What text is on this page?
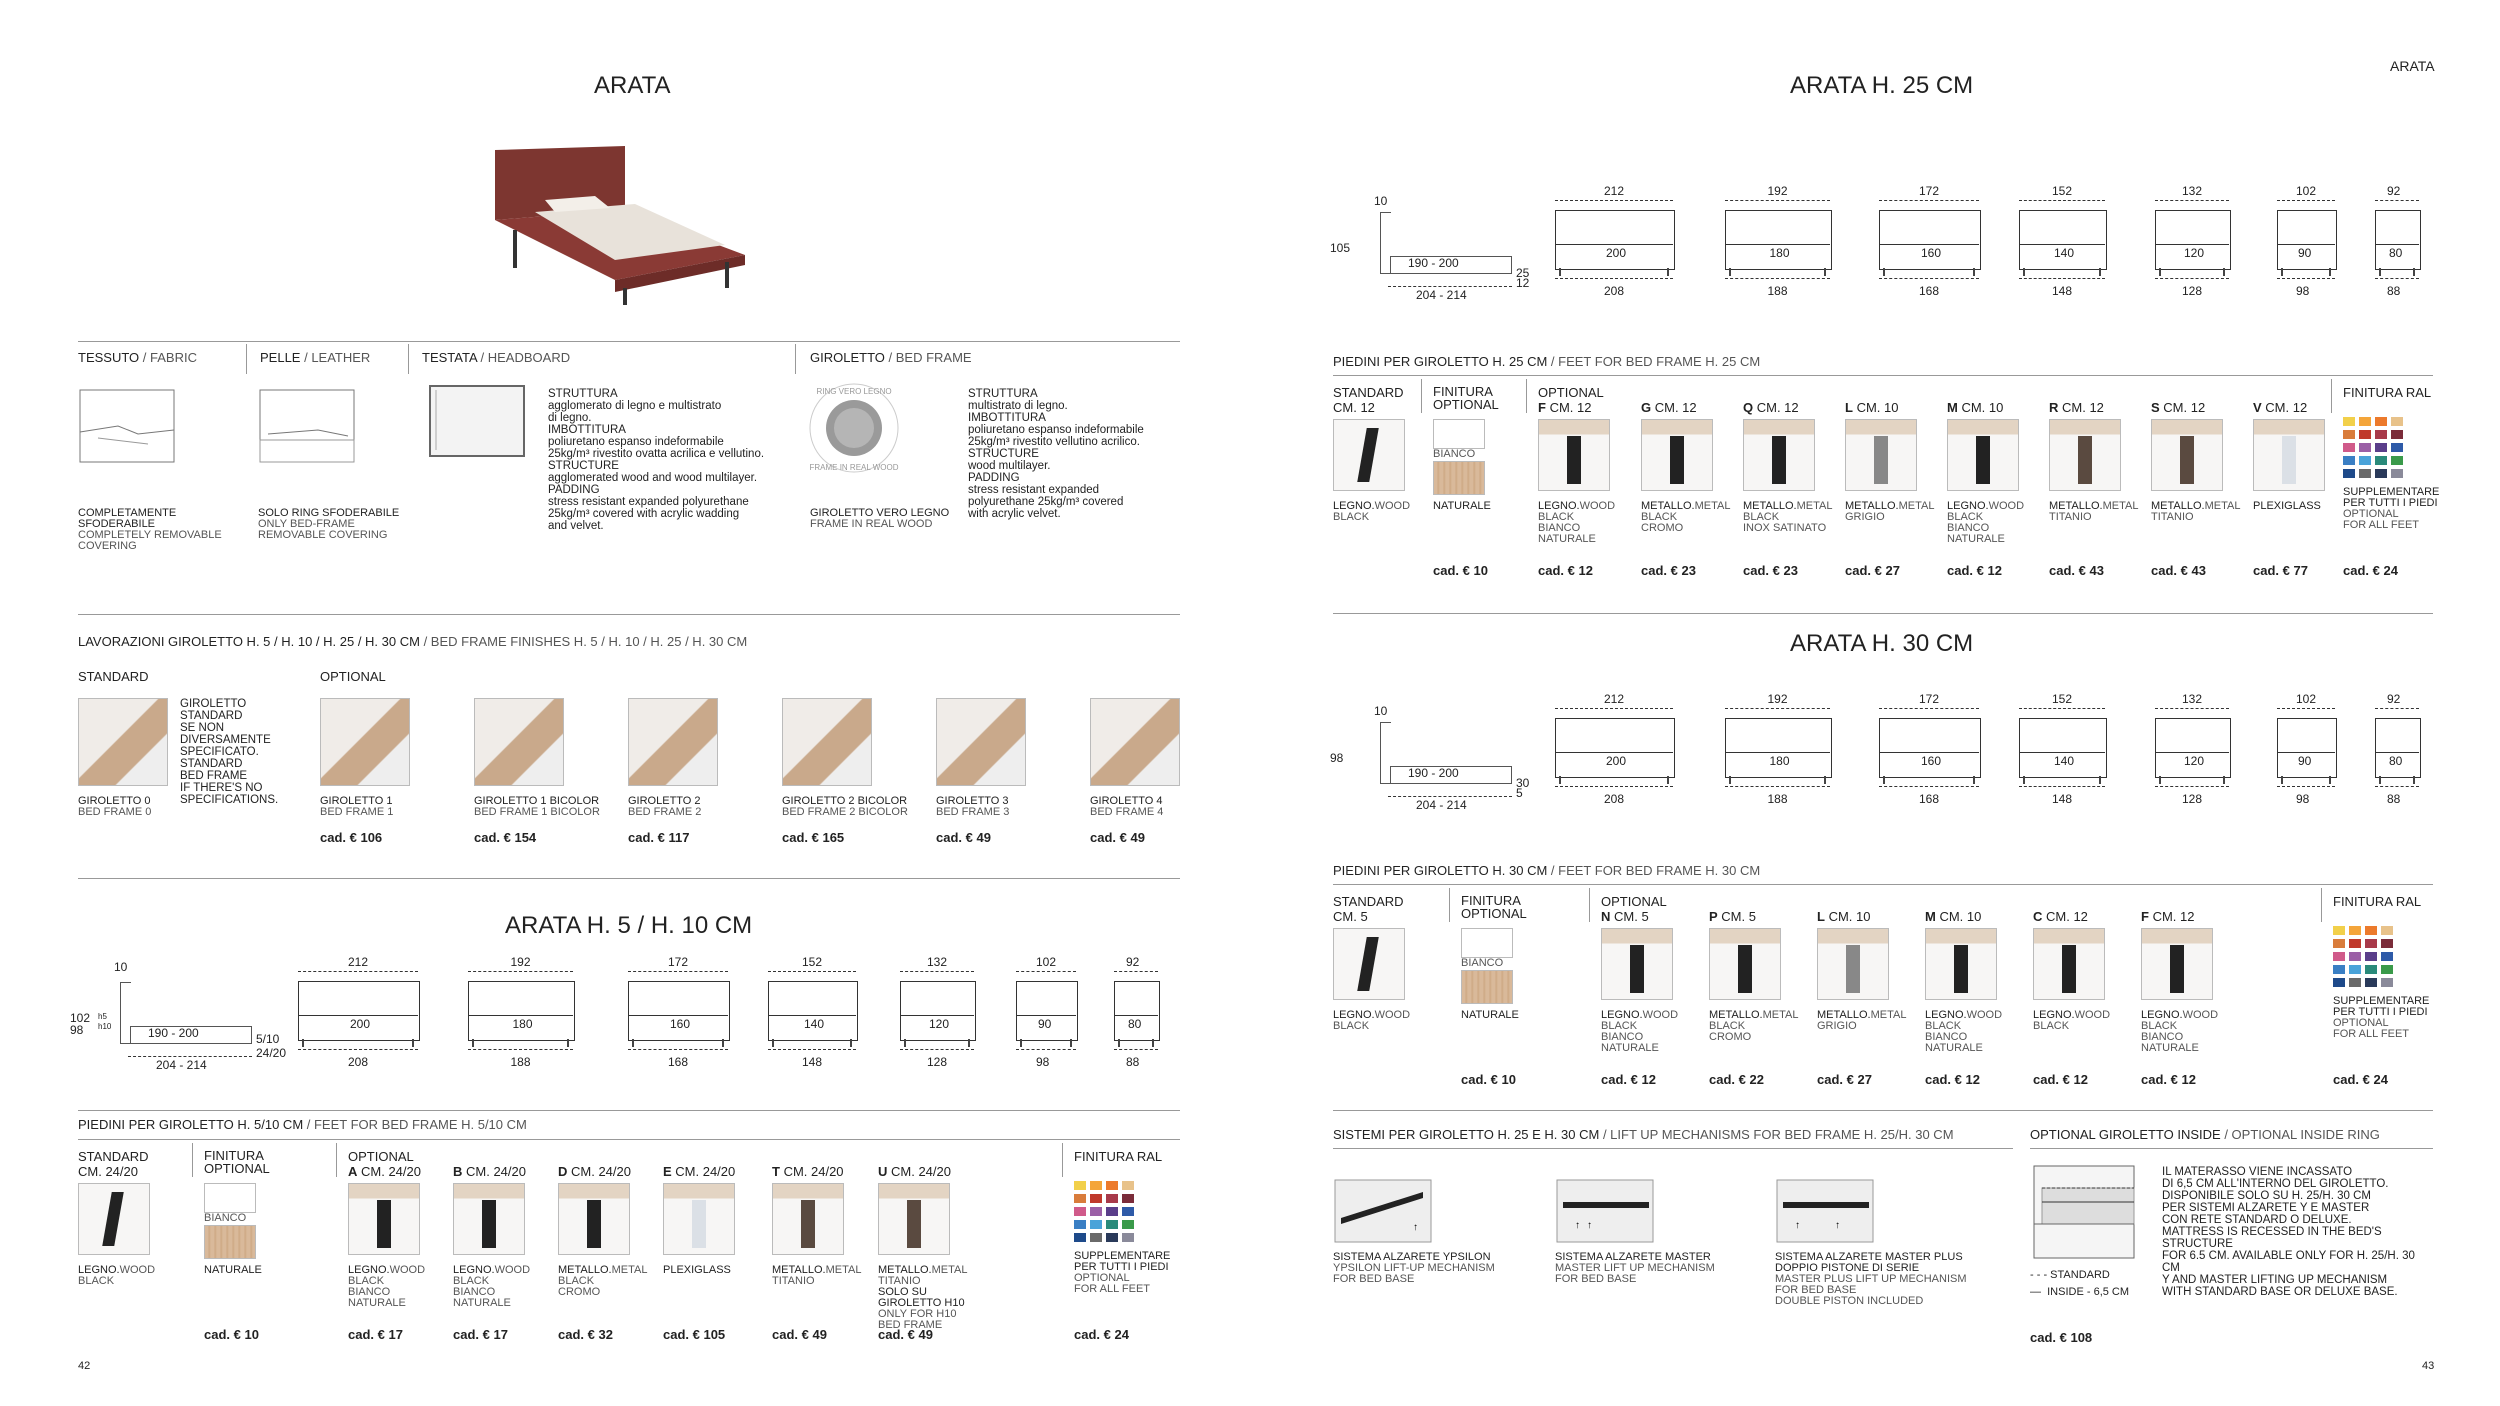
ARATA
TESSUTO / FABRIC	PELLE / LEATHER	TESTATA / HEADBOARD	GIROLETTO / BED FRAME
COMPLETAMENTE
SFODERABILE
COMPLETELY REMOVABLE
COVERING
SOLO RING SFODERABILE
ONLY BED-FRAME
REMOVABLE COVERING
STRUTTURA
agglomerato di legno e multistrato
di legno.
IMBOTTITURA
poliuretano espanso indeformabile
25kg/m³ rivestito ovatta acrilica e vellutino.
STRUCTURE
agglomerated wood and wood multilayer.
PADDING
stress resistant expanded polyurethane
25kg/m³ covered with acrylic wadding
and velvet.
RING VERO LEGNO
FRAME IN REAL WOOD
GIROLETTO VERO LEGNO
FRAME IN REAL WOOD
STRUTTURA
multistrato di legno.
IMBOTTITURA
poliuretano espanso indeformabile
25kg/m³ rivestito vellutino acrilico.
STRUCTURE
wood multilayer.
PADDING
stress resistant expanded
polyurethane 25kg/m³ covered
with acrylic velvet.
LAVORAZIONI GIROLETTO H. 5 / H. 10 / H. 25 / H. 30 CM / BED FRAME FINISHES H. 5 / H. 10 / H. 25 / H. 30 CM
STANDARD	OPTIONAL
GIROLETTO
STANDARD
SE NON
DIVERSAMENTE
SPECIFICATO.
STANDARD
BED FRAME
IF THERE'S NO
SPECIFICATIONS.
ARATA H. 5 / H. 10 CM
10
102
98
h5
h10	190 - 200
204 - 214
5/10
24/20
212
200
208
192
180
188
172
160
168
152
140
148
132
120
128
102
90
98
92
80
88
PIEDINI PER GIROLETTO H. 5/10 CM / FEET FOR BED FRAME H. 5/10 CM
STANDARD
CM. 24/20
FINITURA
OPTIONAL
OPTIONAL	FINITURA RAL
LEGNO.WOOD
BLACK
BIANCO
NATURALE
cad. € 10
A CM. 24/20
LEGNO.WOOD
BLACK
BIANCO
NATURALE
cad. € 17
B CM. 24/20
LEGNO.WOOD
BLACK
BIANCO
NATURALE
cad. € 17
D CM. 24/20
METALLO.METAL
BLACK
CROMO
cad. € 32
E CM. 24/20
PLEXIGLASS
cad. € 105
T CM. 24/20
METALLO.METAL
TITANIO
cad. € 49
U CM. 24/20
METALLO.METAL
TITANIO
SOLO SU GIROLETTO H10
ONLY FOR H10 BED FRAME
cad. € 49
SUPPLEMENTARE
PER TUTTI I PIEDI
OPTIONAL
FOR ALL FEET
cad. € 24
42
ARATA
ARATA H. 25 CM
10
105
190 - 200
204 - 214
25
12
212
200
208
192
180
188
172
160
168
152
140
148
132
120
128
102
90
98
92
80
88
PIEDINI PER GIROLETTO H. 25 CM / FEET FOR BED FRAME H. 25 CM
STANDARD
CM. 12
FINITURA
OPTIONAL
OPTIONAL	FINITURA RAL
LEGNO.WOOD
BLACK
BIANCO
NATURALE
cad. € 10
F CM. 12
LEGNO.WOOD
BLACK
BIANCO
NATURALE
cad. € 12
G CM. 12
METALLO.METAL
BLACK
CROMO
cad. € 23
Q CM. 12
METALLO.METAL
BLACK
INOX SATINATO
cad. € 23
L CM. 10
METALLO.METAL
GRIGIO
cad. € 27
M CM. 10
LEGNO.WOOD
BLACK
BIANCO
NATURALE
cad. € 12
R CM. 12
METALLO.METAL
TITANIO
cad. € 43
S CM. 12
METALLO.METAL
TITANIO
cad. € 43
V CM. 12
PLEXIGLASS
cad. € 77
SUPPLEMENTARE
PER TUTTI I PIEDI
OPTIONAL
FOR ALL FEET
cad. € 24
ARATA H. 30 CM
10
98
190 - 200
204 - 214
30
5
212
200
208
192
180
188
172
160
168
152
140
148
132
120
128
102
90
98
92
80
88
PIEDINI PER GIROLETTO H. 30 CM / FEET FOR BED FRAME H. 30 CM
STANDARD
CM. 5
FINITURA
OPTIONAL
OPTIONAL	FINITURA RAL
LEGNO.WOOD
BLACK
BIANCO
NATURALE
cad. € 10
N CM. 5
LEGNO.WOOD
BLACK
BIANCO
NATURALE
cad. € 12
P CM. 5
METALLO.METAL
BLACK
CROMO
cad. € 22
L CM. 10
METALLO.METAL
GRIGIO
cad. € 27
M CM. 10
LEGNO.WOOD
BLACK
BIANCO
NATURALE
cad. € 12
C CM. 12
LEGNO.WOOD
BLACK
cad. € 12
F CM. 12
LEGNO.WOOD
BLACK
BIANCO
NATURALE
cad. € 12
SUPPLEMENTARE
PER TUTTI I PIEDI
OPTIONAL
FOR ALL FEET
cad. € 24
SISTEMI PER GIROLETTO H. 25 E H. 30 CM / LIFT UP MECHANISMS FOR BED FRAME H. 25/H. 30 CM	OPTIONAL GIROLETTO INSIDE / OPTIONAL INSIDE RING
- - - STANDARD
—  INSIDE - 6,5 CM
IL MATERASSO VIENE INCASSATO
DI 6,5 CM ALL'INTERNO DEL GIROLETTO.
DISPONIBILE SOLO SU H. 25/H. 30 CM
PER SISTEMI ALZARETE Y E MASTER
CON RETE STANDARD O DELUXE.
MATTRESS IS RECESSED IN THE BED'S STRUCTURE
FOR 6.5 CM. AVAILABLE ONLY FOR H. 25/H. 30 CM
Y AND MASTER LIFTING UP MECHANISM
WITH STANDARD BASE OR DELUXE BASE.
cad. € 108
43
GIROLETTO 0
BED FRAME 0
GIROLETTO 1
BED FRAME 1
cad. € 106
GIROLETTO 1 BICOLOR
BED FRAME 1 BICOLOR
cad. € 154
GIROLETTO 2
BED FRAME 2
cad. € 117
GIROLETTO 2 BICOLOR
BED FRAME 2 BICOLOR
cad. € 165
GIROLETTO 3
BED FRAME 3
cad. € 49
GIROLETTO 4
BED FRAME 4
cad. € 49
↑
SISTEMA ALZARETE YPSILON
YPSILON LIFT-UP MECHANISM
FOR BED BASE
↑ ↑
SISTEMA ALZARETE MASTER
MASTER LIFT UP MECHANISM
FOR BED BASE
↑	↑
SISTEMA ALZARETE MASTER PLUS
DOPPIO PISTONE DI SERIE
MASTER PLUS LIFT UP MECHANISM
FOR BED BASE
DOUBLE PISTON INCLUDED
